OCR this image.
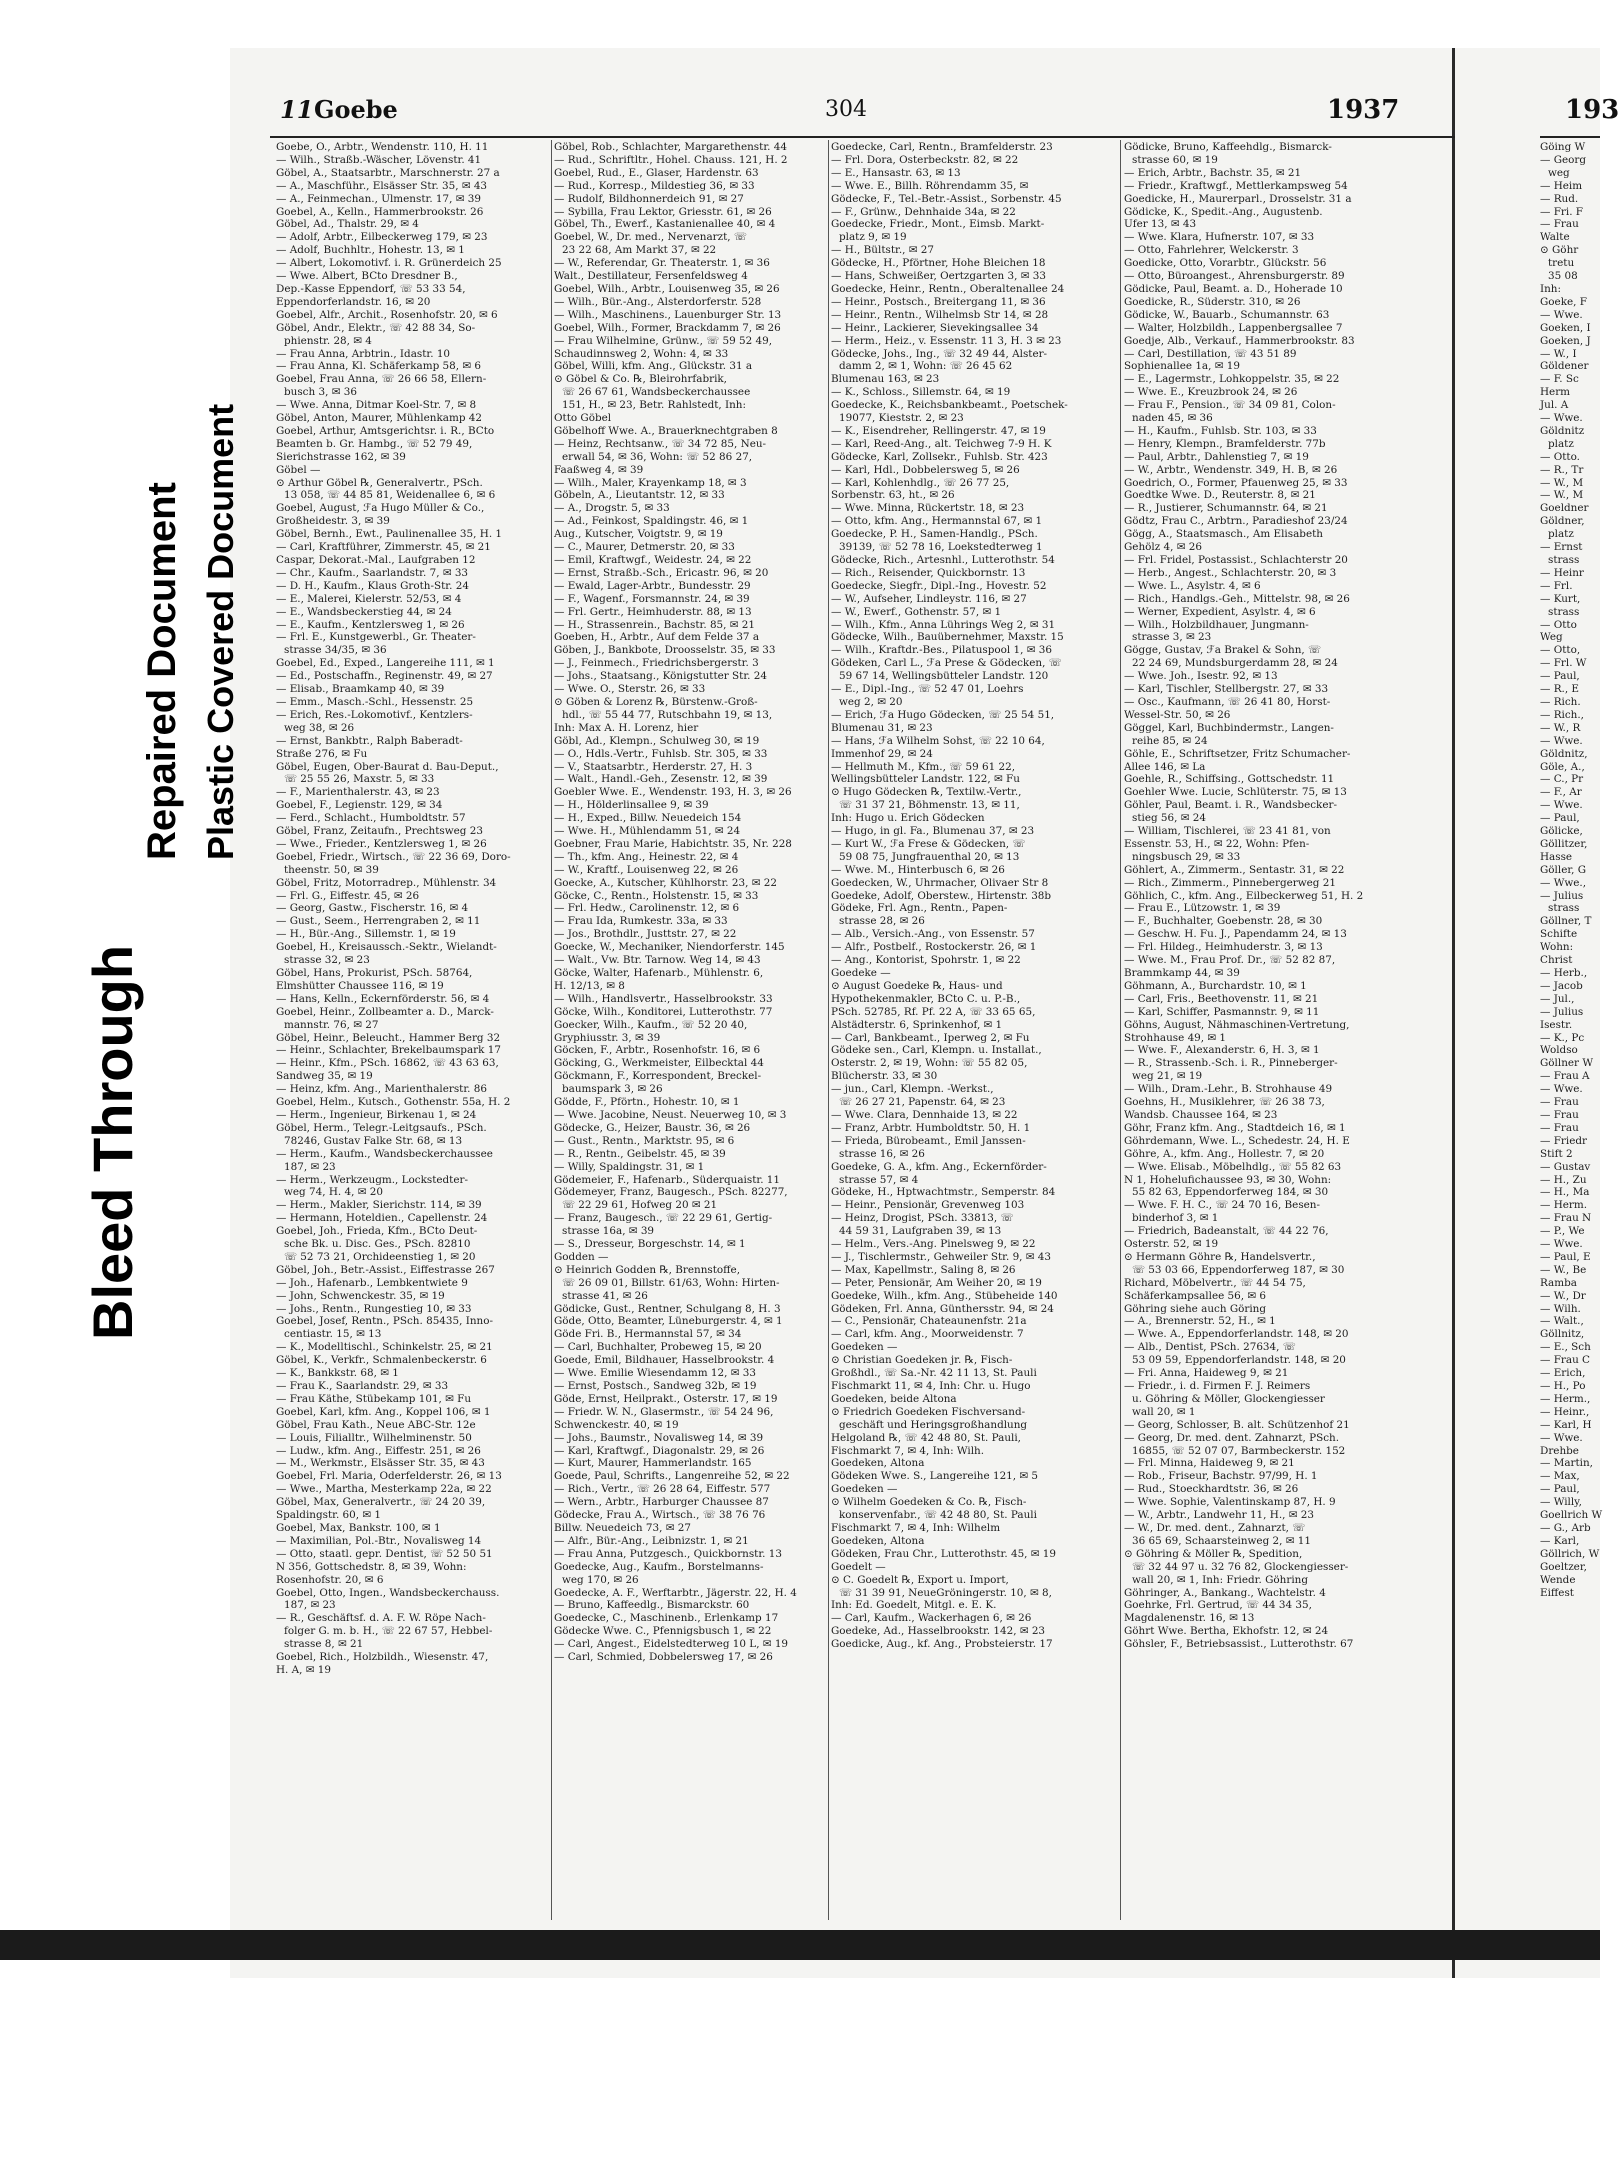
Bleed Through
Repaired Document Plastic Covered Document
11 Goebe	304	1937	193
Goebe, O., Arbtr., Wendenstr. 110, H. 11
— Wilh., Straßb.-Wäscher, Lövenstr. 41
Göbel, A., Staatsarbtr., Marschnerstr. 27 a
— A., Maschführ., Elsässer Str. 35, ✉ 43
— A., Feinmechan., Ulmenstr. 17, ✉ 39
Goebel, A., Kelln., Hammerbrookstr. 26
Göbel, Ad., Thalstr. 29, ✉ 4
— Adolf, Arbtr., Eilbeckerweg 179, ✉ 23
— Adolf, Buchhltr., Hohestr. 13, ✉ 1
— Albert, Lokomotivf. i. R. Grünerdeich 25
— Wwe. Albert, BCto Dresdner B.,
Dep.-Kasse Eppendorf, ☏ 53 33 54,
Eppendorferlandstr. 16, ✉ 20
Goebel, Alfr., Archit., Rosenhofstr. 20, ✉ 6
Göbel, Andr., Elektr., ☏ 42 88 34, So-
phienstr. 28, ✉ 4
— Frau Anna, Arbtrin., Idastr. 10
— Frau Anna, Kl. Schäferkamp 58, ✉ 6
Goebel, Frau Anna, ☏ 26 66 58, Ellern-
busch 3, ✉ 36
— Wwe. Anna, Ditmar Koel-Str. 7, ✉ 8
Göbel, Anton, Maurer, Mühlenkamp 42
Goebel, Arthur, Amtsgerichtsr. i. R., BCto
Beamten b. Gr. Hambg., ☏ 52 79 49,
Sierichstrasse 162, ✉ 39
Göbel —
⊙ Arthur Göbel ℞, Generalvertr., PSch.
13 058, ☏ 44 85 81, Weidenallee 6, ✉ 6
Goebel, August, ℱa Hugo Müller & Co.,
Großheidestr. 3, ✉ 39
Göbel, Bernh., Ewt., Paulinenallee 35, H. 1
— Carl, Kraftführer, Zimmerstr. 45, ✉ 21
Caspar, Dekorat.-Mal., Laufgraben 12
— Chr., Kaufm., Saarlandstr. 7, ✉ 33
— D. H., Kaufm., Klaus Groth-Str. 24
— E., Malerei, Kielerstr. 52/53, ✉ 4
— E., Wandsbeckerstieg 44, ✉ 24
— E., Kaufm., Kentzlersweg 1, ✉ 26
— Frl. E., Kunstgewerbl., Gr. Theater-
strasse 34/35, ✉ 36
Goebel, Ed., Exped., Langereihe 111, ✉ 1
— Ed., Postschaffn., Reginenstr. 49, ✉ 27
— Elisab., Braamkamp 40, ✉ 39
— Emm., Masch.-Schl., Hessenstr. 25
— Erich, Res.-Lokomotivf., Kentzlers-
weg 38, ✉ 26
— Ernst, Bankbtr., Ralph Baberadt-
Straße 276, ✉ Fu
Göbel, Eugen, Ober-Baurat d. Bau-Deput.,
☏ 25 55 26, Maxstr. 5, ✉ 33
— F., Marienthalerstr. 43, ✉ 23
Goebel, F., Legienstr. 129, ✉ 34
— Ferd., Schlacht., Humboldtstr. 57
Göbel, Franz, Zeitaufn., Prechtsweg 23
— Wwe., Frieder., Kentzlersweg 1, ✉ 26
Goebel, Friedr., Wirtsch., ☏ 22 36 69, Doro-
theenstr. 50, ✉ 39
Göbel, Fritz, Motorradrep., Mühlenstr. 34
— Frl. G., Eiffestr. 45, ✉ 26
— Georg, Gastw., Fischerstr. 16, ✉ 4
— Gust., Seem., Herrengraben 2, ✉ 11
— H., Bür.-Ang., Sillemstr. 1, ✉ 19
Goebel, H., Kreisaussch.-Sektr., Wielandt-
strasse 32, ✉ 23
Göbel, Hans, Prokurist, PSch. 58764,
Elmshütter Chaussee 116, ✉ 19
— Hans, Kelln., Eckernförderstr. 56, ✉ 4
Goebel, Heinr., Zollbeamter a. D., Marck-
mannstr. 76, ✉ 27
Göbel, Heinr., Beleucht., Hammer Berg 32
— Heinr., Schlachter, Brekelbaumspark 17
— Heinr., Kfm., PSch. 16862, ☏ 43 63 63,
Sandweg 35, ✉ 19
— Heinz, kfm. Ang., Marienthalerstr. 86
Goebel, Helm., Kutsch., Gothenstr. 55a, H. 2
— Herm., Ingenieur, Birkenau 1, ✉ 24
Göbel, Herm., Telegr.-Leitgsaufs., PSch.
78246, Gustav Falke Str. 68, ✉ 13
— Herm., Kaufm., Wandsbeckerchaussee
187, ✉ 23
— Herm., Werkzeugm., Lockstedter-
weg 74, H. 4, ✉ 20
— Herm., Makler, Sierichstr. 114, ✉ 39
— Hermann, Hoteldien., Capellenstr. 24
Goebel, Joh., Frieda, Kfm., BCto Deut-
sche Bk. u. Disc. Ges., PSch. 82810
☏ 52 73 21, Orchideenstieg 1, ✉ 20
Göbel, Joh., Betr.-Assist., Eiffestrasse 267
— Joh., Hafenarb., Lembkentwiete 9
— John, Schwenckestr. 35, ✉ 19
— Johs., Rentn., Rungestieg 10, ✉ 33
Goebel, Josef, Rentn., PSch. 85435, Inno-
centiastr. 15, ✉ 13
— K., Modelltischl., Schinkelstr. 25, ✉ 21
Göbel, K., Verkfr., Schmalenbeckerstr. 6
— K., Bankkstr. 68, ✉ 1
— Frau K., Saarlandstr. 29, ✉ 33
— Frau Käthe, Stübekamp 101, ✉ Fu
Goebel, Karl, kfm. Ang., Koppel 106, ✉ 1
Göbel, Frau Kath., Neue ABC-Str. 12e
— Louis, Filialltr., Wilhelminenstr. 50
— Ludw., kfm. Ang., Eiffestr. 251, ✉ 26
— M., Werkmstr., Elsässer Str. 35, ✉ 43
Goebel, Frl. Maria, Oderfelderstr. 26, ✉ 13
— Wwe., Martha, Mesterkamp 22a, ✉ 22
Göbel, Max, Generalvertr., ☏ 24 20 39,
Spaldingstr. 60, ✉ 1
Goebel, Max, Bankstr. 100, ✉ 1
— Maximilian, Pol.-Btr., Novalisweg 14
— Otto, staatl. gepr. Dentist, ☏ 52 50 51
N 356, Gottschedstr. 8, ✉ 39, Wohn:
Rosenhofstr. 20, ✉ 6
Goebel, Otto, Ingen., Wandsbeckerchauss.
187, ✉ 23
— R., Geschäftsf. d. A. F. W. Röpe Nach-
folger G. m. b. H., ☏ 22 67 57, Hebbel-
strasse 8, ✉ 21
Goebel, Rich., Holzbildh., Wiesenstr. 47,
H. A, ✉ 19
Göbel, Rob., Schlachter, Margarethenstr. 44
— Rud., Schriftltr., Hohel. Chauss. 121, H. 2
Goebel, Rud., E., Glaser, Hardenstr. 63
— Rud., Korresp., Mildestieg 36, ✉ 33
— Rudolf, Bildhonnerdeich 91, ✉ 27
— Sybilla, Frau Lektor, Griesstr. 61, ✉ 26
Göbel, Th., Ewerf., Kastanienallee 40, ✉ 4
Goebel, W., Dr. med., Nervenarzt, ☏
23 22 68, Am Markt 37, ✉ 22
— W., Referendar, Gr. Theaterstr. 1, ✉ 36
Walt., Destillateur, Fersenfeldsweg 4
Goebel, Wilh., Arbtr., Louisenweg 35, ✉ 26
— Wilh., Bür.-Ang., Alsterdorferstr. 528
— Wilh., Maschinens., Lauenburger Str. 13
Goebel, Wilh., Former, Brackdamm 7, ✉ 26
— Frau Wilhelmine, Grünw., ☏ 59 52 49,
Schaudinnsweg 2, Wohn: 4, ✉ 33
Göbel, Willi, kfm. Ang., Glückstr. 31 a
⊙ Göbel & Co. ℞, Bleirohrfabrik,
☏ 26 67 61, Wandsbeckerchaussee
151, H., ✉ 23, Betr. Rahlstedt, Inh:
Otto Göbel
Göbelhoff Wwe. A., Brauerknechtgraben 8
— Heinz, Rechtsanw., ☏ 34 72 85, Neu-
erwall 54, ✉ 36, Wohn: ☏ 52 86 27,
Faaßweg 4, ✉ 39
— Wilh., Maler, Krayenkamp 18, ✉ 3
Göbeln, A., Lieutantstr. 12, ✉ 33
— A., Drogstr. 5, ✉ 33
— Ad., Feinkost, Spaldingstr. 46, ✉ 1
Aug., Kutscher, Voigtstr. 9, ✉ 19
— C., Maurer, Detmerstr. 20, ✉ 33
— Emil, Kraftwgf., Weidestr. 24, ✉ 22
— Ernst, Straßb.-Sch., Ericastr. 96, ✉ 20
— Ewald, Lager-Arbtr., Bundesstr. 29
— F., Wagenf., Forsmannstr. 24, ✉ 39
— Frl. Gertr., Heimhuderstr. 88, ✉ 13
— H., Strassenrein., Bachstr. 85, ✉ 21
Goeben, H., Arbtr., Auf dem Felde 37 a
Göben, J., Bankbote, Droosselstr. 35, ✉ 33
— J., Feinmech., Friedrichsbergerstr. 3
— Johs., Staatsang., Königstutter Str. 24
— Wwe. O., Sterstr. 26, ✉ 33
⊙ Göben & Lorenz ℞, Bürstenw.-Groß-
hdl., ☏ 55 44 77, Rutschbahn 19, ✉ 13,
Inh: Max A. H. Lorenz, hier
Göbl, Ad., Klempn., Schulweg 30, ✉ 19
— O., Hdls.-Vertr., Fuhlsb. Str. 305, ✉ 33
— V., Staatsarbtr., Herderstr. 27, H. 3
— Walt., Handl.-Geh., Zesenstr. 12, ✉ 39
Goebler Wwe. E., Wendenstr. 193, H. 3, ✉ 26
— H., Hölderlinsallee 9, ✉ 39
— H., Exped., Billw. Neuedeich 154
— Wwe. H., Mühlendamm 51, ✉ 24
Goebner, Frau Marie, Habichtstr. 35, Nr. 228
— Th., kfm. Ang., Heinestr. 22, ✉ 4
— W., Kraftf., Louisenweg 22, ✉ 26
Goecke, A., Kutscher, Kühlhorstr. 23, ✉ 22
Göcke, C., Rentn., Holstenstr. 15, ✉ 33
— Frl. Hedw., Carolinenstr. 12, ✉ 6
— Frau Ida, Rumkestr. 33a, ✉ 33
— Jos., Brothdlr., Justtstr. 27, ✉ 22
Goecke, W., Mechaniker, Niendorferstr. 145
— Walt., Vw. Btr. Tarnow. Weg 14, ✉ 43
Göcke, Walter, Hafenarb., Mühlenstr. 6,
H. 12/13, ✉ 8
— Wilh., Handlsvertr., Hasselbrookstr. 33
Göcke, Wilh., Konditorei, Lutterothstr. 77
Goecker, Wilh., Kaufm., ☏ 52 20 40,
Gryphiusstr. 3, ✉ 39
Göcken, F., Arbtr., Rosenhofstr. 16, ✉ 6
Göcking, G., Werkmeister, Eilbecktal 44
Göckmann, F., Korrespondent, Breckel-
baumspark 3, ✉ 26
Gödde, F., Pförtn., Hohestr. 10, ✉ 1
— Wwe. Jacobine, Neust. Neuerweg 10, ✉ 3
Gödecke, G., Heizer, Baustr. 36, ✉ 26
— Gust., Rentn., Marktstr. 95, ✉ 6
— R., Rentn., Geibelstr. 45, ✉ 39
— Willy, Spaldingstr. 31, ✉ 1
Gödemeier, F., Hafenarb., Süderquaistr. 11
Gödemeyer, Franz, Baugesch., PSch. 82277,
☏ 22 29 61, Hofweg 20 ✉ 21
— Franz, Baugesch., ☏ 22 29 61, Gertig-
strasse 16a, ✉ 39
— S., Dresseur, Borgeschstr. 14, ✉ 1
Godden —
⊙ Heinrich Godden ℞, Brennstoffe,
☏ 26 09 01, Billstr. 61/63, Wohn: Hirten-
strasse 41, ✉ 26
Gödicke, Gust., Rentner, Schulgang 8, H. 3
Göde, Otto, Beamter, Lüneburgerstr. 4, ✉ 1
Göde Fri. B., Hermannstal 57, ✉ 34
— Carl, Buchhalter, Probeweg 15, ✉ 20
Goede, Emil, Bildhauer, Hasselbrookstr. 4
— Wwe. Emilie Wiesendamm 12, ✉ 33
— Ernst, Postsch., Sandweg 32b, ✉ 19
Göde, Ernst, Heilprakt., Osterstr. 17, ✉ 19
— Friedr. W. N., Glasermstr., ☏ 54 24 96,
Schwenckestr. 40, ✉ 19
— Johs., Baumstr., Novalisweg 14, ✉ 39
— Karl, Kraftwgf., Diagonalstr. 29, ✉ 26
— Kurt, Maurer, Hammerlandstr. 165
Goede, Paul, Schrifts., Langenreihe 52, ✉ 22
— Rich., Vertr., ☏ 26 28 64, Eiffestr. 577
— Wern., Arbtr., Harburger Chaussee 87
Gödecke, Frau A., Wirtsch., ☏ 38 76 76
Billw. Neuedeich 73, ✉ 27
— Alfr., Bür.-Ang., Leibnizstr. 1, ✉ 21
— Frau Anna, Putzgesch., Quickbornstr. 13
Goedecke, Aug., Kaufm., Borstelmanns-
weg 170, ✉ 26
Goedecke, A. F., Werftarbtr., Jägerstr. 22, H. 4
— Bruno, Kaffeedlg., Bismarckstr. 60
Goedecke, C., Maschinenb., Erlenkamp 17
Gödecke Wwe. C., Pfennigsbusch 1, ✉ 22
— Carl, Angest., Eidelstedterweg 10 L, ✉ 19
— Carl, Schmied, Dobbelersweg 17, ✉ 26
Goedecke, Carl, Rentn., Bramfelderstr. 23
— Frl. Dora, Osterbeckstr. 82, ✉ 22
— E., Hansastr. 63, ✉ 13
— Wwe. E., Billh. Röhrendamm 35, ✉
Gödecke, F., Tel.-Betr.-Assist., Sorbenstr. 45
— F., Grünw., Dehnhaide 34a, ✉ 22
Goedecke, Friedr., Mont., Eimsb. Markt-
platz 9, ✉ 19
— H., Bültstr., ✉ 27
Gödecke, H., Pförtner, Hohe Bleichen 18
— Hans, Schweißer, Oertzgarten 3, ✉ 33
Goedecke, Heinr., Rentn., Oberaltenallee 24
— Heinr., Postsch., Breitergang 11, ✉ 36
— Heinr., Rentn., Wilhelmsb Str 14, ✉ 28
— Heinr., Lackierer, Sievekingsallee 34
— Herm., Heiz., v. Essenstr. 11 3, H. 3 ✉ 23
Gödecke, Johs., Ing., ☏ 32 49 44, Alster-
damm 2, ✉ 1, Wohn: ☏ 26 45 62
Blumenau 163, ✉ 23
— K., Schloss., Sillemstr. 64, ✉ 19
Goedecke, K., Reichsbankbeamt., Poetschek-
19077, Kieststr. 2, ✉ 23
— K., Eisendreher, Rellingerstr. 47, ✉ 19
— Karl, Reed-Ang., alt. Teichweg 7-9 H. K
Gödecke, Karl, Zollsekr., Fuhlsb. Str. 423
— Karl, Hdl., Dobbelersweg 5, ✉ 26
— Karl, Kohlenhdlg., ☏ 26 77 25,
Sorbenstr. 63, ht., ✉ 26
— Wwe. Minna, Rückertstr. 18, ✉ 23
— Otto, kfm. Ang., Hermannstal 67, ✉ 1
Goedecke, P. H., Samen-Handlg., PSch.
39139, ☏ 52 78 16, Loekstedterweg 1
Gödecke, Rich., Artesnhl., Lutterothstr. 54
— Rich., Reisender, Quickbornstr. 13
Goedecke, Siegfr., Dipl.-Ing., Hovestr. 52
— W., Aufseher, Lindleystr. 116, ✉ 27
— W., Ewerf., Gothenstr. 57, ✉ 1
— Wilh., Kfm., Anna Lührings Weg 2, ✉ 31
Gödecke, Wilh., Bauübernehmer, Maxstr. 15
— Wilh., Kraftdr.-Bes., Pilatuspool 1, ✉ 36
Gödeken, Carl L., ℱa Prese & Gödecken, ☏
59 67 14, Wellingsbütteler Landstr. 120
— E., Dipl.-Ing., ☏ 52 47 01, Loehrs
weg 2, ✉ 20
— Erich, ℱa Hugo Gödecken, ☏ 25 54 51,
Blumenau 31, ✉ 23
— Hans, ℱa Wilhelm Sohst, ☏ 22 10 64,
Immenhof 29, ✉ 24
— Hellmuth M., Kfm., ☏ 59 61 22,
Wellingsbütteler Landstr. 122, ✉ Fu
⊙ Hugo Gödecken ℞, Textilw.-Vertr.,
☏ 31 37 21, Böhmenstr. 13, ✉ 11,
Inh: Hugo u. Erich Gödecken
— Hugo, in gl. Fa., Blumenau 37, ✉ 23
— Kurt W., ℱa Frese & Gödecken, ☏
59 08 75, Jungfrauenthal 20, ✉ 13
— Wwe. M., Hinterbusch 6, ✉ 26
Goedecken, W., Uhrmacher, Olivaer Str 8
Goedeke, Adolf, Oberstew., Hirtenstr. 38b
Gödeke, Frl. Agn., Rentn., Papen-
strasse 28, ✉ 26
— Alb., Versich.-Ang., von Essenstr. 57
— Alfr., Postbelf., Rostockerstr. 26, ✉ 1
— Ang., Kontorist, Spohrstr. 1, ✉ 22
Goedeke —
⊙ August Goedeke ℞, Haus- und
Hypothekenmakler, BCto C. u. P.-B.,
PSch. 52785, Rf. Pf. 22 A, ☏ 33 65 65,
Alstädterstr. 6, Sprinkenhof, ✉ 1
— Carl, Bankbeamt., Iperweg 2, ✉ Fu
Gödeke sen., Carl, Klempn. u. Installat.,
Osterstr. 2, ✉ 19, Wohn: ☏ 55 82 05,
Blücherstr. 33, ✉ 30
— jun., Carl, Klempn. -Werkst.,
☏ 26 27 21, Papenstr. 64, ✉ 23
— Wwe. Clara, Dennhaide 13, ✉ 22
— Franz, Arbtr. Humboldtstr. 50, H. 1
— Frieda, Bürobeamt., Emil Janssen-
strasse 16, ✉ 26
Goedeke, G. A., kfm. Ang., Eckernförder-
strasse 57, ✉ 4
Gödeke, H., Hptwachtmstr., Semperstr. 84
— Heinr., Pensionär, Grevenweg 103
— Heinz, Drogist, PSch. 33813, ☏
44 59 31, Laufgraben 39, ✉ 13
— Helm., Vers.-Ang. Pinelsweg 9, ✉ 22
— J., Tischlermstr., Gehweiler Str. 9, ✉ 43
— Max, Kapellmstr., Saling 8, ✉ 26
— Peter, Pensionär, Am Weiher 20, ✉ 19
Goedeke, Wilh., kfm. Ang., Stübeheide 140
Gödeken, Frl. Anna, Günthersstr. 94, ✉ 24
— C., Pensionär, Chateaunenfstr. 21a
— Carl, kfm. Ang., Moorweidenstr. 7
Goedeken —
⊙ Christian Goedeken jr. ℞, Fisch-
Großhdl., ☏ Sa.-Nr. 42 11 13, St. Pauli
Fischmarkt 11, ✉ 4, Inh: Chr. u. Hugo
Goedeken, beide Altona
⊙ Friedrich Goedeken Fischversand-
geschäft und Heringsgroßhandlung
Helgoland ℞, ☏ 42 48 80, St. Pauli,
Fischmarkt 7, ✉ 4, Inh: Wilh.
Goedeken, Altona
Gödeken Wwe. S., Langereihe 121, ✉ 5
Goedeken —
⊙ Wilhelm Goedeken & Co. ℞, Fisch-
konservenfabr., ☏ 42 48 80, St. Pauli
Fischmarkt 7, ✉ 4, Inh: Wilhelm
Goedeken, Altona
Gödeken, Frau Chr., Lutterothstr. 45, ✉ 19
Goedelt —
⊙ C. Goedelt ℞, Export u. Import,
☏ 31 39 91, NeueGröningerstr. 10, ✉ 8,
Inh: Ed. Goedelt, Mitgl. e. E. K.
— Carl, Kaufm., Wackerhagen 6, ✉ 26
Goedeke, Ad., Hasselbrookstr. 142, ✉ 23
Goedicke, Aug., kf. Ang., Probsteierstr. 17
Gödicke, Bruno, Kaffeehdlg., Bismarck-
strasse 60, ✉ 19
— Erich, Arbtr., Bachstr. 35, ✉ 21
— Friedr., Kraftwgf., Mettlerkampsweg 54
Goedicke, H., Maurerparl., Drosselstr. 31 a
Gödicke, K., Spedit.-Ang., Augustenb.
Ufer 13, ✉ 43
— Wwe. Klara, Hufnerstr. 107, ✉ 33
— Otto, Fahrlehrer, Welckerstr. 3
Goedicke, Otto, Vorarbtr., Glückstr. 56
— Otto, Büroangest., Ahrensburgerstr. 89
Gödicke, Paul, Beamt. a. D., Hoherade 10
Goedicke, R., Süderstr. 310, ✉ 26
Gödicke, W., Bauarb., Schumannstr. 63
— Walter, Holzbildh., Lappenbergsallee 7
Goedje, Alb., Verkauf., Hammerbrookstr. 83
— Carl, Destillation, ☏ 43 51 89
Sophienallee 1a, ✉ 19
— E., Lagermstr., Lohkoppelstr. 35, ✉ 22
— Wwe. E., Kreuzbrook 24, ✉ 26
— Frau F., Pension., ☏ 34 09 81, Colon-
naden 45, ✉ 36
— H., Kaufm., Fuhlsb. Str. 103, ✉ 33
— Henry, Klempn., Bramfelderstr. 77b
— Paul, Arbtr., Dahlenstieg 7, ✉ 19
— W., Arbtr., Wendenstr. 349, H. B, ✉ 26
Goedrich, O., Former, Pfauenweg 25, ✉ 33
Goedtke Wwe. D., Reuterstr. 8, ✉ 21
— R., Justierer, Schumannstr. 64, ✉ 21
Gödtz, Frau C., Arbtrn., Paradieshof 23/24
Gögg, A., Staatsmasch., Am Elisabeth
Gehölz 4, ✉ 26
— Frl. Fridel, Postassist., Schlachterstr 20
— Herb., Angest., Schlachterstr. 20, ✉ 3
— Wwe. L., Asylstr. 4, ✉ 6
— Rich., Handlgs.-Geh., Mittelstr. 98, ✉ 26
— Werner, Expedient, Asylstr. 4, ✉ 6
— Wilh., Holzbildhauer, Jungmann-
strasse 3, ✉ 23
Gögge, Gustav, ℱa Brakel & Sohn, ☏
22 24 69, Mundsburgerdamm 28, ✉ 24
— Wwe. Joh., Isestr. 92, ✉ 13
— Karl, Tischler, Stellbergstr. 27, ✉ 33
— Osc., Kaufmann, ☏ 26 41 80, Horst-
Wessel-Str. 50, ✉ 26
Göggel, Karl, Buchbindermstr., Langen-
reihe 85, ✉ 24
Göhle, E., Schriftsetzer, Fritz Schumacher-
Allee 146, ✉ La
Goehle, R., Schiffsing., Gottschedstr. 11
Goehler Wwe. Lucie, Schlüterstr. 75, ✉ 13
Göhler, Paul, Beamt. i. R., Wandsbecker-
stieg 56, ✉ 24
— William, Tischlerei, ☏ 23 41 81, von
Essenstr. 53, H., ✉ 22, Wohn: Pfen-
ningsbusch 29, ✉ 33
Göhlert, A., Zimmerm., Sentastr. 31, ✉ 22
— Rich., Zimmerm., Pinnebergerweg 21
Göhlich, C., kfm. Ang., Eilbeckerweg 51, H. 2
— Frau E., Lützowstr. 1, ✉ 39
— F., Buchhalter, Goebenstr. 28, ✉ 30
— Geschw. H. Fu. J., Papendamm 24, ✉ 13
— Frl. Hildeg., Heimhuderstr. 3, ✉ 13
— Wwe. M., Frau Prof. Dr., ☏ 52 82 87,
Brammkamp 44, ✉ 39
Göhmann, A., Burchardstr. 10, ✉ 1
— Carl, Fris., Beethovenstr. 11, ✉ 21
— Karl, Schiffer, Pasmannstr. 9, ✉ 11
Göhns, August, Nähmaschinen-Vertretung,
Strohhause 49, ✉ 1
— Wwe. F., Alexanderstr. 6, H. 3, ✉ 1
— R., Strassenb.-Sch. i. R., Pinneberger-
weg 21, ✉ 19
— Wilh., Dram.-Lehr., B. Strohhause 49
Goehns, H., Musiklehrer, ☏ 26 38 73,
Wandsb. Chaussee 164, ✉ 23
Göhr, Franz kfm. Ang., Stadtdeich 16, ✉ 1
Göhrdemann, Wwe. L., Schedestr. 24, H. E
Göhre, A., kfm. Ang., Hollestr. 7, ✉ 20
— Wwe. Elisab., Möbelhdlg., ☏ 55 82 63
N 1, Hohelufichaussee 93, ✉ 30, Wohn:
55 82 63, Eppendorferweg 184, ✉ 30
— Wwe. F. H. C., ☏ 24 70 16, Besen-
binderhof 3, ✉ 1
— Friedrich, Badeanstalt, ☏ 44 22 76,
Osterstr. 52, ✉ 19
⊙ Hermann Göhre ℞, Handelsvertr.,
☏ 53 03 66, Eppendorferweg 187, ✉ 30
Richard, Möbelvertr., ☏ 44 54 75,
Schäferkampsallee 56, ✉ 6
Göhring siehe auch Göring
— A., Brennerstr. 52, H., ✉ 1
— Wwe. A., Eppendorferlandstr. 148, ✉ 20
— Alb., Dentist, PSch. 27634, ☏
53 09 59, Eppendorferlandstr. 148, ✉ 20
— Fri. Anna, Haideweg 9, ✉ 21
— Friedr., i. d. Firmen F. J. Reimers
u. Göhring & Möller, Glockengiesser
wall 20, ✉ 1
— Georg, Schlosser, B. alt. Schützenhof 21
— Georg, Dr. med. dent. Zahnarzt, PSch.
16855, ☏ 52 07 07, Barmbeckerstr. 152
— Frl. Minna, Haideweg 9, ✉ 21
— Rob., Friseur, Bachstr. 97/99, H. 1
— Rud., Stoeckhardtstr. 36, ✉ 26
— Wwe. Sophie, Valentinskamp 87, H. 9
— W., Arbtr., Landwehr 11, H., ✉ 23
— W., Dr. med. dent., Zahnarzt, ☏
36 65 69, Schaarsteinweg 2, ✉ 11
⊙ Göhring & Möller ℞, Spedition,
☏ 32 44 97 u. 32 76 82, Glockengiesser-
wall 20, ✉ 1, Inh: Friedr. Göhring
Göhringer, A., Bankang., Wachtelstr. 4
Goehrke, Frl. Gertrud, ☏ 44 34 35,
Magdalenenstr. 16, ✉ 13
Göhrt Wwe. Bertha, Ekhofstr. 12, ✉ 24
Göhsler, F., Betriebsassist., Lutterothstr. 67
Göing W
— Georg
weg
— Heim
— Rud.
— Fri. F
— Frau
Walte
⊙ Göhr
tretu
35 08
Inh:
Goeke, F
— Wwe.
Goeken, I
Goeken, J
— W., I
Göldener
— F. Sc
Herm
Jul. A
— Wwe.
Göldnitz
platz
— Otto.
— R., Tr
— W., M
— W., M
Goeldner
Göldner,
platz
— Ernst
strass
— Heinr
— Frl.
— Kurt,
strass
— Otto
Weg
— Otto,
— Frl. W
— Paul,
— R., E
— Rich.
— Rich.,
— W., R
— Wwe.
Göldnitz,
Göle, A.,
— C., Pr
— F., Ar
— Wwe.
— Paul,
Gölicke,
Göllitzer,
Hasse
Göller, G
— Wwe.,
— Julius
strass
Göllner, T
Schifte
Wohn:
Christ
— Herb.,
— Jacob
— Jul.,
— Julius
Isestr.
— K., Pc
Woldso
Göllner W
— Frau A
— Wwe.
— Frau
— Frau
— Frau
— Friedr
Stift 2
— Gustav
— H., Zu
— H., Ma
— Herm.
— Frau N
— P., We
— Wwe.
— Paul, E
— W., Be
Ramba
— W., Dr
— Wilh.
— Walt.,
Göllnitz,
— E., Sch
— Frau C
— Erich,
— H., Po
— Herm.,
— Heinr.,
— Karl, H
— Wwe.
Drehbe
— Martin,
— Max,
— Paul,
— Willy,
Goellrich W
— G., Arb
— Karl,
Göllrich, W
Goeltzer,
Wende
Eiffest
